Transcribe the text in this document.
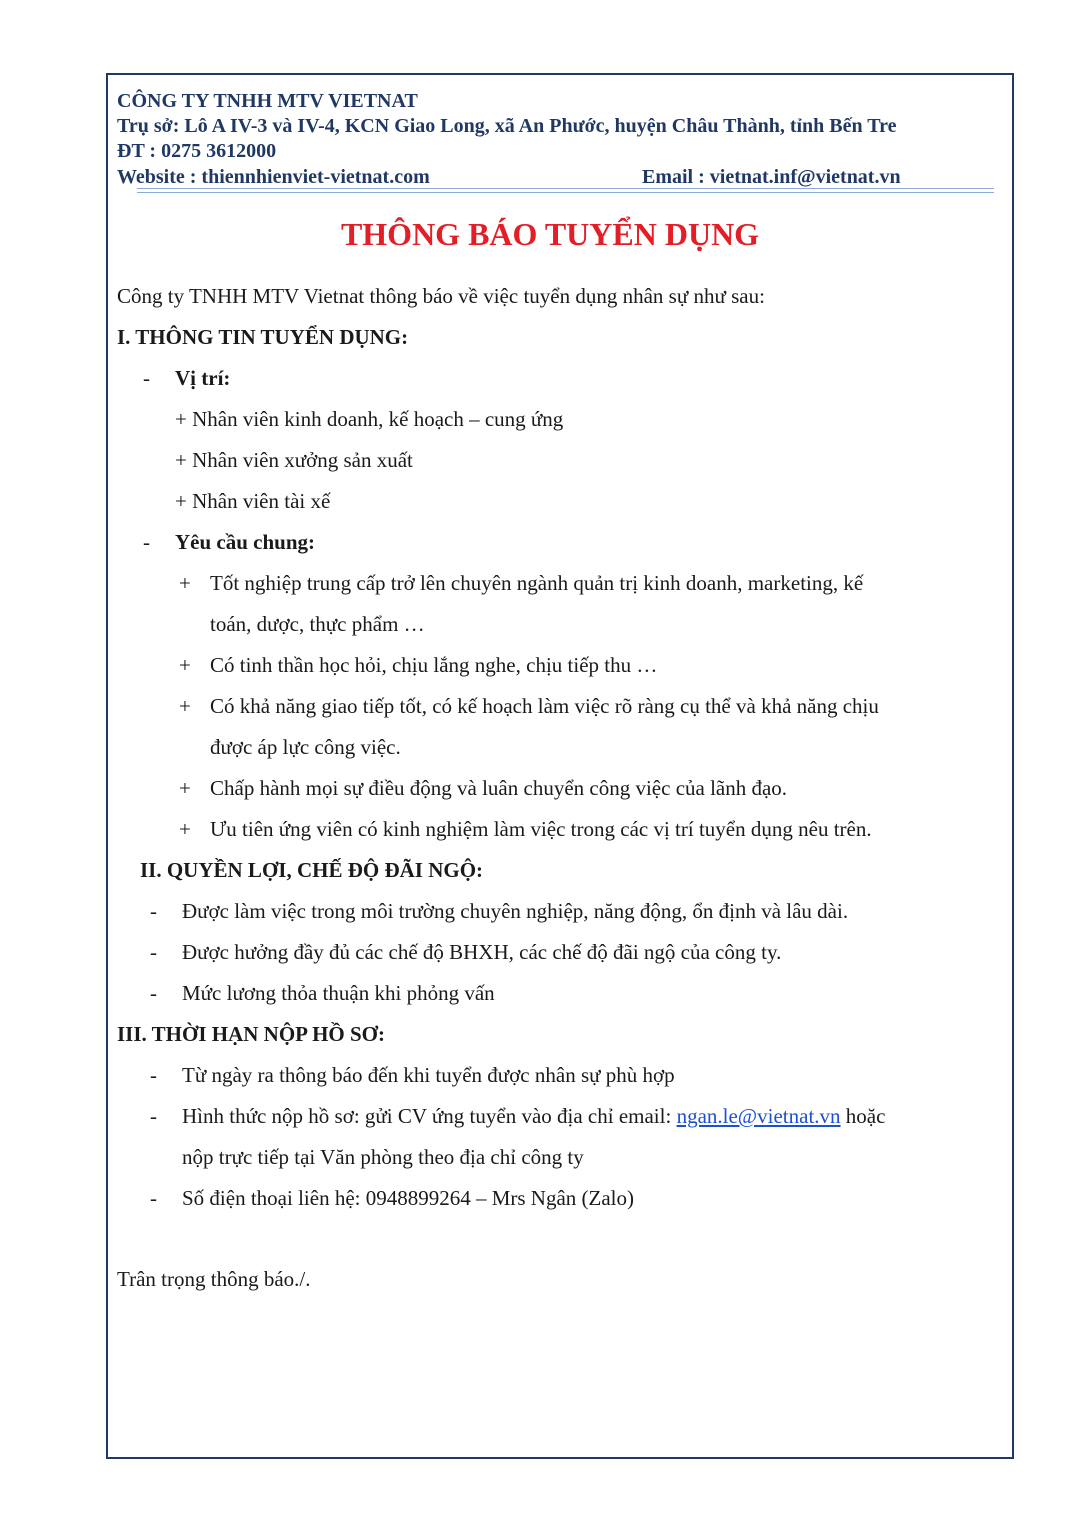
CÔNG TY TNHH MTV VIETNAT
Trụ sở: Lô A IV-3 và IV-4, KCN Giao Long, xã An Phước, huyện Châu Thành, tỉnh Bến Tre
ĐT : 0275 3612000
Website : thiennhienviet-vietnat.com	Email : vietnat.inf@vietnat.vn
THÔNG BÁO TUYỂN DỤNG
Công ty TNHH MTV Vietnat thông báo về việc tuyển dụng nhân sự như sau:
I. THÔNG TIN TUYỂN DỤNG:
- Vị trí:
+ Nhân viên kinh doanh, kế hoạch – cung ứng
+ Nhân viên xưởng sản xuất
+ Nhân viên tài xế
- Yêu cầu chung:
+ Tốt nghiệp trung cấp trở lên chuyên ngành quản trị kinh doanh, marketing, kế
toán, dược, thực phẩm …
+ Có tinh thần học hỏi, chịu lắng nghe, chịu tiếp thu …
+ Có khả năng giao tiếp tốt, có kế hoạch làm việc rõ ràng cụ thể và khả năng chịu
được áp lực công việc.
+ Chấp hành mọi sự điều động và luân chuyển công việc của lãnh đạo.
+ Ưu tiên ứng viên có kinh nghiệm làm việc trong các vị trí tuyển dụng nêu trên.
II. QUYỀN LỢI, CHẾ ĐỘ ĐÃI NGỘ:
- Được làm việc trong môi trường chuyên nghiệp, năng động, ổn định và lâu dài.
- Được hưởng đầy đủ các chế độ BHXH, các chế độ đãi ngộ của công ty.
- Mức lương thỏa thuận khi phỏng vấn
III. THỜI HẠN NỘP HỒ SƠ:
- Từ ngày ra thông báo đến khi tuyển được nhân sự phù hợp
- Hình thức nộp hồ sơ: gửi CV ứng tuyển vào địa chỉ email: ngan.le@vietnat.vn hoặc
nộp trực tiếp tại Văn phòng theo địa chỉ công ty
- Số điện thoại liên hệ: 0948899264 – Mrs Ngân (Zalo)
Trân trọng thông báo./.
